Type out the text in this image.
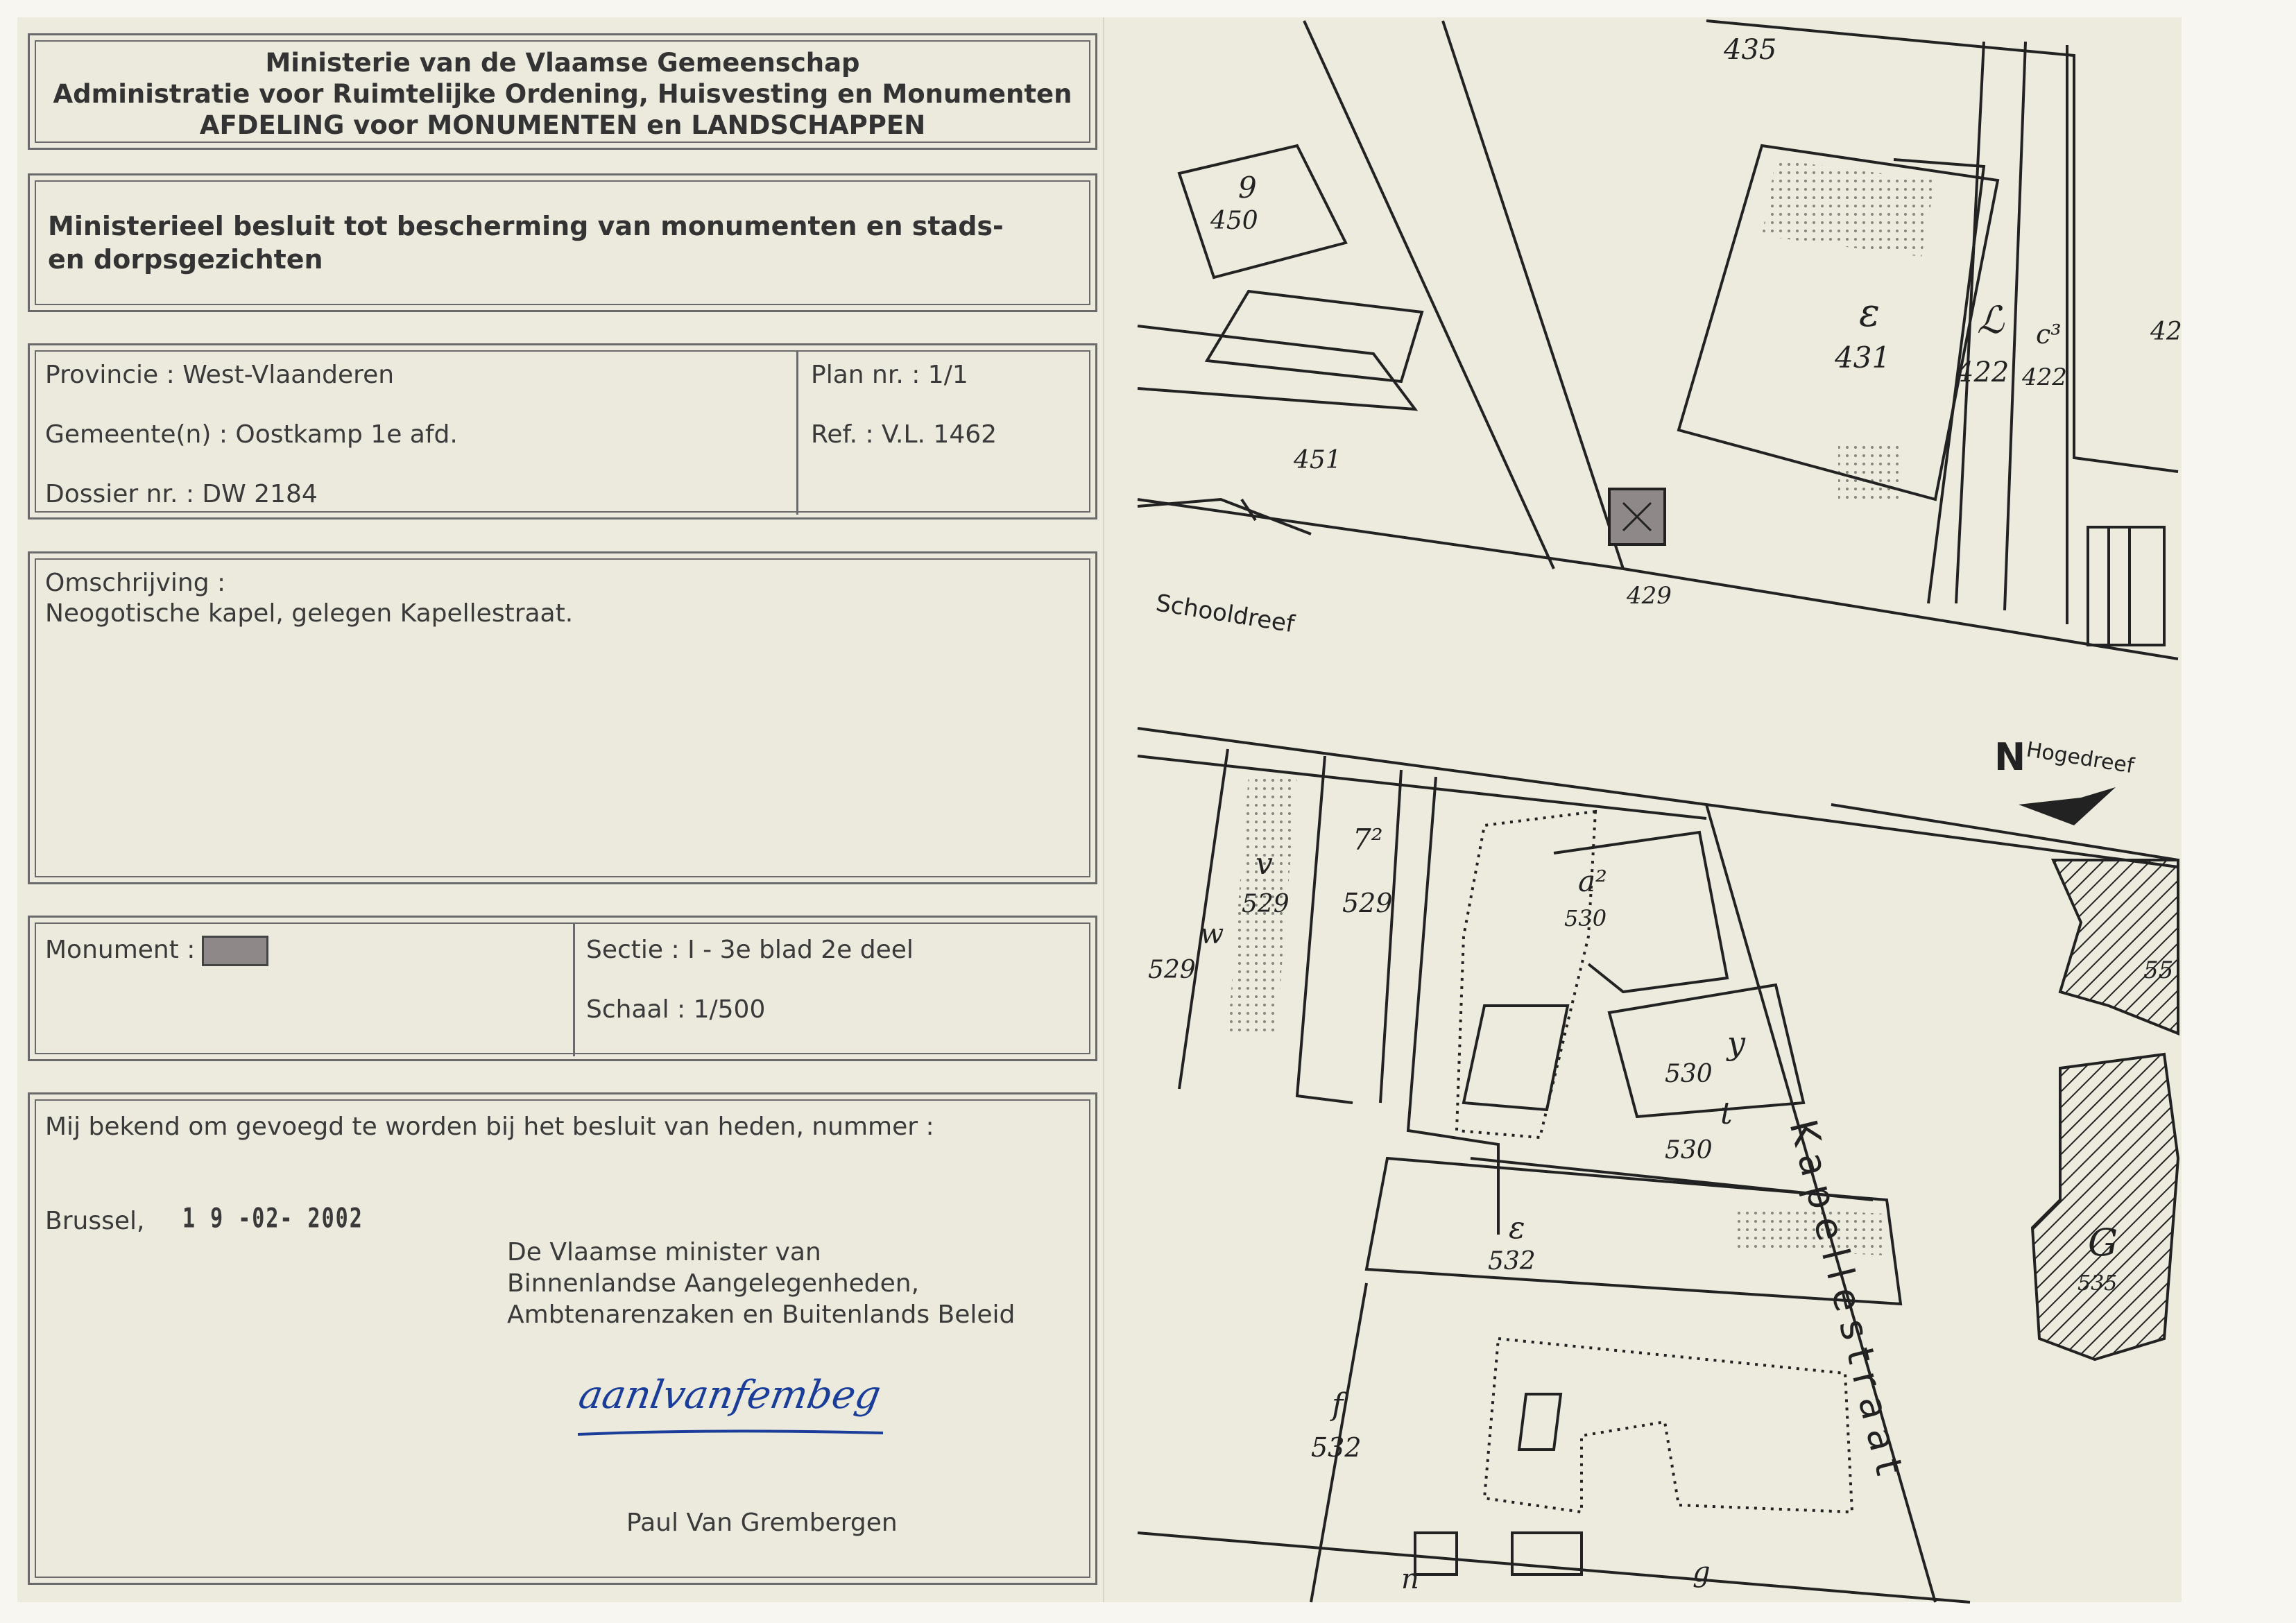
Ministerie van de Vlaamse Gemeenschap
Administratie voor Ruimtelijke Ordening, Huisvesting en Monumenten
AFDELING voor MONUMENTEN en LANDSCHAPPEN
Ministerieel besluit tot bescherming van monumenten en stads- en dorpsgezichten
Provincie : West-Vlaanderen
Gemeente(n) : Oostkamp 1e afd.
Dossier nr. : DW 2184
Plan nr. : 1/1
Ref. : V.L. 1462
Omschrijving :
Neogotische kapel, gelegen Kapellestraat.
Monument :	Sectie : I - 3e blad 2e deel
Schaal : 1/500
Mij bekend om gevoegd te worden bij het besluit van heden, nummer :
Brussel, 1 9 -02- 2002
De Vlaamse minister van
Binnenlandse Aangelegenheden,
Ambtenarenzaken en Buitenlands Beleid
aanlvanfembeg
Paul Van Grembergen
Schooldreef
Hogedreef
Kapellestraat
N
435
9
450
451
ε
431
ℒ
422
c³
422
42
429
v
529
w
529
7²
529
a²
530
y
530
t
530
ε
532
f
532
G
535
55
n	g
